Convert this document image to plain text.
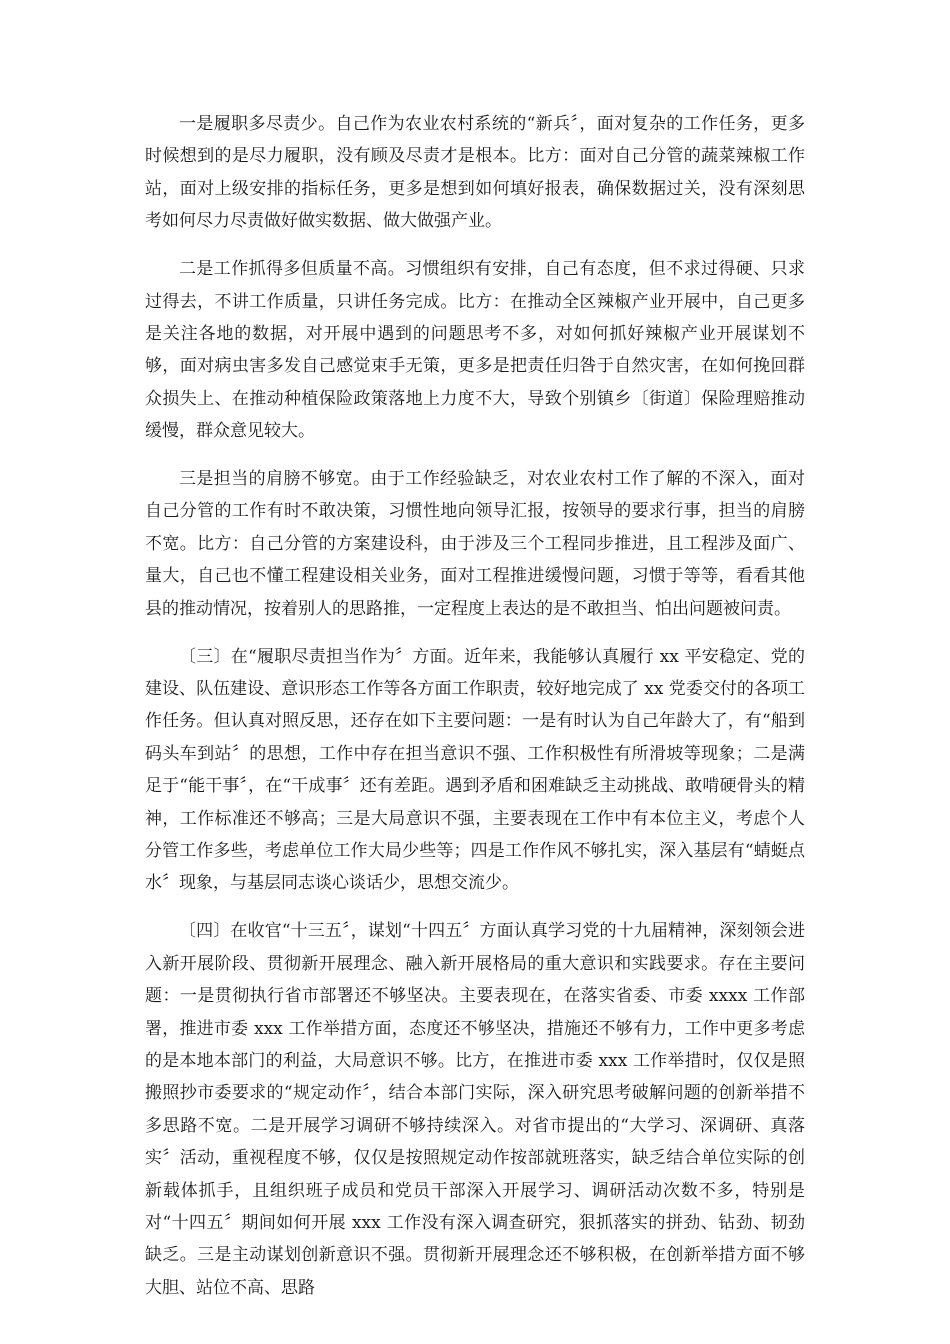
一是履职多尽责少。自己作为农业农村系统的“新兵〞，面对复杂的工作任务，更多时候想到的是尽力履职，没有顾及尽责才是根本。比方：面对自己分管的蔬菜辣椒工作站，面对上级安排的指标任务，更多是想到如何填好报表，确保数据过关，没有深刻思考如何尽力尽责做好做实数据、做大做强产业。

二是工作抓得多但质量不高。习惯组织有安排，自己有态度，但不求过得硬、只求过得去，不讲工作质量，只讲任务完成。比方：在推动全区辣椒产业开展中，自己更多是关注各地的数据，对开展中遇到的问题思考不多，对如何抓好辣椒产业开展谋划不够，面对病虫害多发自己感觉束手无策，更多是把责任归咎于自然灾害，在如何挽回群众损失上、在推动种植保险政策落地上力度不大，导致个别镇乡〔街道〕保险理赔推动缓慢，群众意见较大。

三是担当的肩膀不够宽。由于工作经验缺乏，对农业农村工作了解的不深入，面对自己分管的工作有时不敢决策，习惯性地向领导汇报，按领导的要求行事，担当的肩膀不宽。比方：自己分管的方案建设科，由于涉及三个工程同步推进，且工程涉及面广、量大，自己也不懂工程建设相关业务，面对工程推进缓慢问题，习惯于等等，看看其他县的推动情况，按着别人的思路推，一定程度上表达的是不敢担当、怕出问题被问责。

〔三〕在“履职尽责担当作为〞方面。近年来，我能够认真履行 xx 平安稳定、党的建设、队伍建设、意识形态工作等各方面工作职责，较好地完成了 xx 党委交付的各项工作任务。但认真对照反思，还存在如下主要问题：一是有时认为自己年龄大了，有“船到码头车到站〞的思想，工作中存在担当意识不强、工作积极性有所滑坡等现象；二是满足于“能干事〞，在“干成事〞还有差距。遇到矛盾和困难缺乏主动挑战、敢啃硬骨头的精神，工作标准还不够高；三是大局意识不强，主要表现在工作中有本位主义，考虑个人分管工作多些，考虑单位工作大局少些等；四是工作作风不够扎实，深入基层有“蜻蜓点水〞现象，与基层同志谈心谈话少，思想交流少。

〔四〕在收官“十三五〞，谋划“十四五〞方面认真学习党的十九届精神，深刻领会进入新开展阶段、贯彻新开展理念、融入新开展格局的重大意识和实践要求。存在主要问题：一是贯彻执行省市部署还不够坚决。主要表现在，在落实省委、市委 xxxx 工作部署，推进市委 xxx 工作举措方面，态度还不够坚决，措施还不够有力，工作中更多考虑的是本地本部门的利益，大局意识不够。比方，在推进市委 xxx 工作举措时，仅仅是照搬照抄市委要求的“规定动作〞，结合本部门实际，深入研究思考破解问题的创新举措不多思路不宽。二是开展学习调研不够持续深入。对省市提出的“大学习、深调研、真落实〞活动，重视程度不够，仅仅是按照规定动作按部就班落实，缺乏结合单位实际的创新载体抓手，且组织班子成员和党员干部深入开展学习、调研活动次数不多，特别是对“十四五〞期间如何开展 xxx 工作没有深入调查研究，狠抓落实的拼劲、钻劲、韧劲缺乏。三是主动谋划创新意识不强。贯彻新开展理念还不够积极，在创新举措方面不够大胆、站位不高、思路
